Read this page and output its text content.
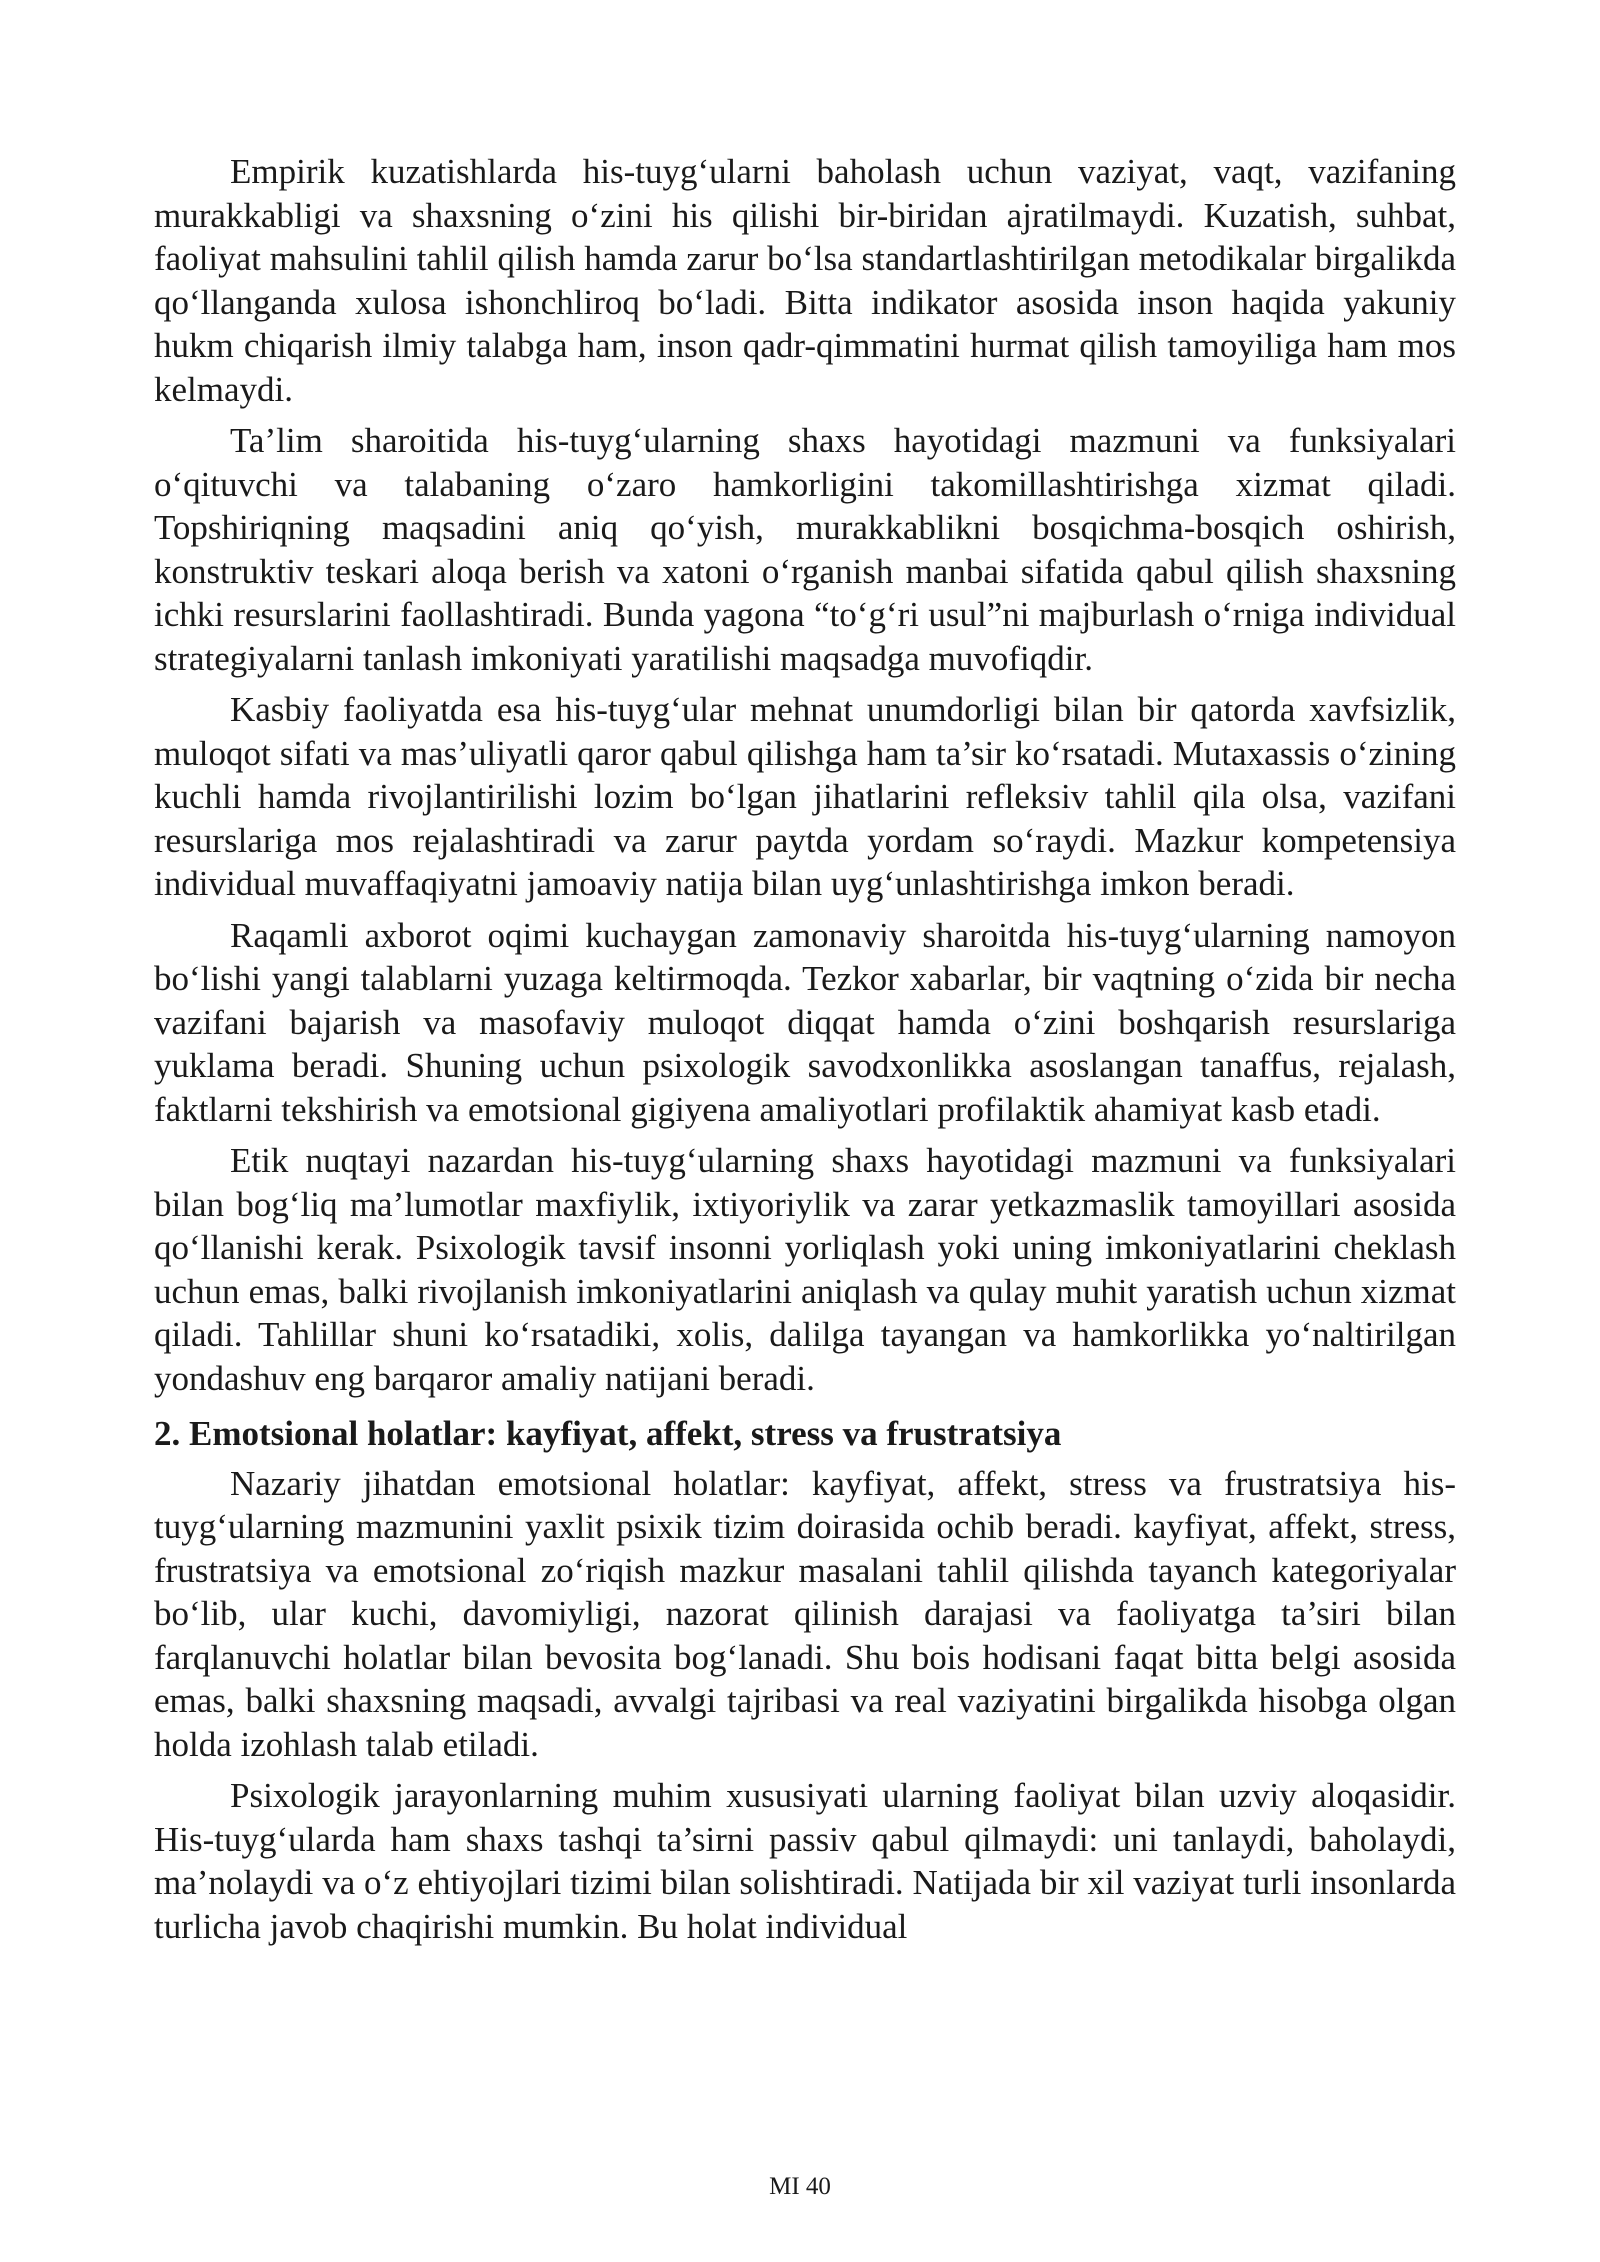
Empirik kuzatishlarda his-tuyg‘ularni baholash uchun vaziyat, vaqt, vazifaning murakkabligi va shaxsning o‘zini his qilishi bir-biridan ajratilmaydi. Kuzatish, suhbat, faoliyat mahsulini tahlil qilish hamda zarur bo‘lsa standartlashtirilgan metodikalar birgalikda qo‘llanganda xulosa ishonchliroq bo‘ladi. Bitta indikator asosida inson haqida yakuniy hukm chiqarish ilmiy talabga ham, inson qadr-qimmatini hurmat qilish tamoyiliga ham mos kelmaydi.

Ta’lim sharoitida his-tuyg‘ularning shaxs hayotidagi mazmuni va funksiyalari o‘qituvchi va talabaning o‘zaro hamkorligini takomillashtirishga xizmat qiladi. Topshiriqning maqsadini aniq qo‘yish, murakkablikni bosqichma-bosqich oshirish, konstruktiv teskari aloqa berish va xatoni o‘rganish manbai sifatida qabul qilish shaxsning ichki resurslarini faollashtiradi. Bunda yagona “to‘g‘ri usul”ni majburlash o‘rniga individual strategiyalarni tanlash imkoniyati yaratilishi maqsadga muvofiqdir.

Kasbiy faoliyatda esa his-tuyg‘ular mehnat unumdorligi bilan bir qatorda xavfsizlik, muloqot sifati va mas’uliyatli qaror qabul qilishga ham ta’sir ko‘rsatadi. Mutaxassis o‘zining kuchli hamda rivojlantirilishi lozim bo‘lgan jihatlarini refleksiv tahlil qila olsa, vazifani resurslariga mos rejalashtiradi va zarur paytda yordam so‘raydi. Mazkur kompetensiya individual muvaffaqiyatni jamoaviy natija bilan uyg‘unlashtirishga imkon beradi.

Raqamli axborot oqimi kuchaygan zamonaviy sharoitda his-tuyg‘ularning namoyon bo‘lishi yangi talablarni yuzaga keltirmoqda. Tezkor xabarlar, bir vaqtning o‘zida bir necha vazifani bajarish va masofaviy muloqot diqqat hamda o‘zini boshqarish resurslariga yuklama beradi. Shuning uchun psixologik savodxonlikka asoslangan tanaffus, rejalash, faktlarni tekshirish va emotsional gigiyena amaliyotlari profilaktik ahamiyat kasb etadi.

Etik nuqtayi nazardan his-tuyg‘ularning shaxs hayotidagi mazmuni va funksiyalari bilan bog‘liq ma’lumotlar maxfiylik, ixtiyoriylik va zarar yetkazmaslik tamoyillari asosida qo‘llanishi kerak. Psixologik tavsif insonni yorliqlash yoki uning imkoniyatlarini cheklash uchun emas, balki rivojlanish imkoniyatlarini aniqlash va qulay muhit yaratish uchun xizmat qiladi. Tahlillar shuni ko‘rsatadiki, xolis, dalilga tayangan va hamkorlikka yo‘naltirilgan yondashuv eng barqaror amaliy natijani beradi.

2. Emotsional holatlar: kayfiyat, affekt, stress va frustratsiya

Nazariy jihatdan emotsional holatlar: kayfiyat, affekt, stress va frustratsiya his-tuyg‘ularning mazmunini yaxlit psixik tizim doirasida ochib beradi. kayfiyat, affekt, stress, frustratsiya va emotsional zo‘riqish mazkur masalani tahlil qilishda tayanch kategoriyalar bo‘lib, ular kuchi, davomiyligi, nazorat qilinish darajasi va faoliyatga ta’siri bilan farqlanuvchi holatlar bilan bevosita bog‘lanadi. Shu bois hodisani faqat bitta belgi asosida emas, balki shaxsning maqsadi, avvalgi tajribasi va real vaziyatini birgalikda hisobga olgan holda izohlash talab etiladi.

Psixologik jarayonlarning muhim xususiyati ularning faoliyat bilan uzviy aloqasidir. His-tuyg‘ularda ham shaxs tashqi ta’sirni passiv qabul qilmaydi: uni tanlaydi, baholaydi, ma’nolaydi va o‘z ehtiyojlari tizimi bilan solishtiradi. Natijada bir xil vaziyat turli insonlarda turlicha javob chaqirishi mumkin. Bu holat individual

MI 40
